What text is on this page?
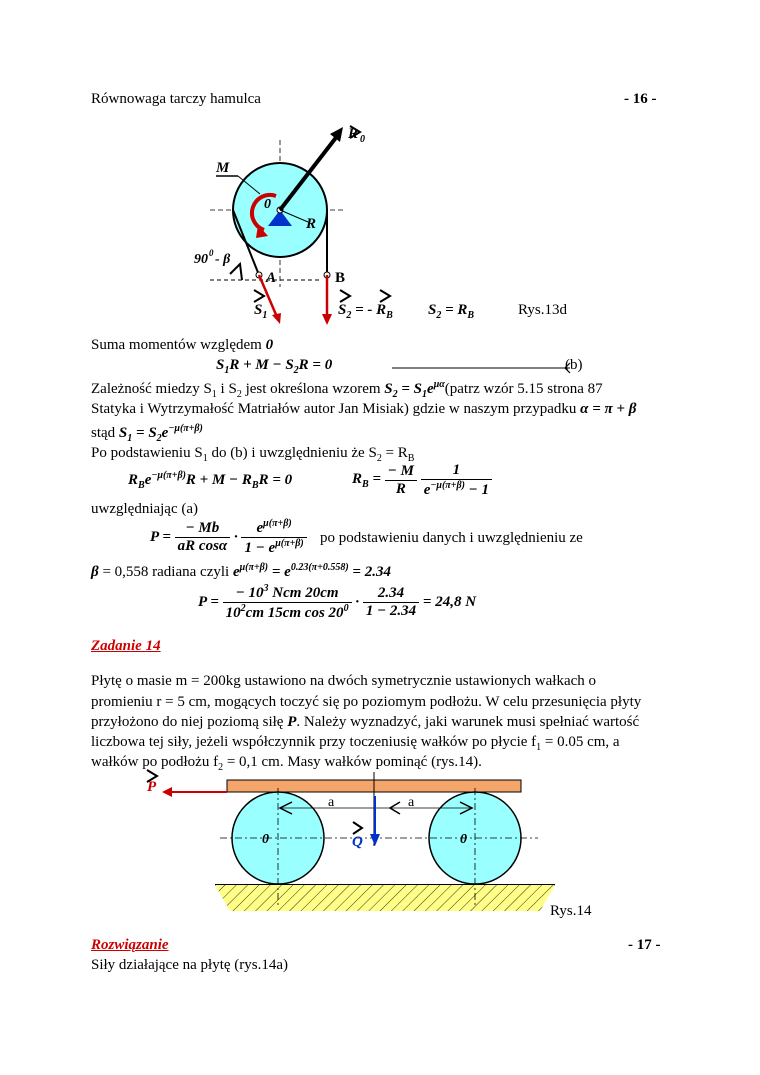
Równowaga tarczy hamulca	- 16 -
R 0
M
0
R
90 0 - β
A	B
$S_1$	$S_2$ = - $R_B$ $S_2 = R_B$	Rys.13d
Suma momentów względem 0
$S_1R + M - S_2R = 0$	(b)
Zależność miedzy $S_1$ i $S_2$ jest określona wzorem $S_2$ = $S_1e^{\mu\alpha}(patrz$ wzór 5.15 strona 87
Statyka i Wytrzymałość Matriałów autor Jan Misiak) gdzie w naszym przypadku α = π + β
stąd $S_1 = S_2e^{-\mu(\pi+\beta)}$
Po podstawieniu $S_1$ do (b) i uwzględnieniu że $S_2 = R_B$
$R_Be^{-\mu(\pi+\beta)}R + M - R_BR = 0$	$R_B = \frac{- M}{R}$
$\frac{1}{e^{-\mu(\pi+\beta)} - 1}$
uwzględniając (a)
$P = \frac{- Mb}{\text{aR cosα}} \cdot \frac{e^{\mu(\pi+\beta)}}{1 - e^{\mu(\pi+\beta)}}$ po podstawieniu danych i uwzględnieniu ze
β = 0,558 radiana czyli $e^{\mu(\pi+\beta)} = e^{0.23(\pi+0.558)} = 2.34$
$P = \frac{- 10^3 Ncm 20cm}{10^2cm 15cm \cos 20^0} \cdot \frac{2.34}{1 - 2.34} = 24,8$ N
Zadanie 14
Płytę o masie m = 200kg ustawiono na dwóch symetrycznie ustawionych wałkach o
promieniu r = 5 cm, mogących toczyć się po poziomym podłożu. W celu przesunięcia płyty
przyłożono do niej poziomą siłę P. Należy wyznadzyć, jaki warunek musi spełniać wartość
liczbowa tej siły, jeżeli współczynnik przy toczeniusię wałków po płycie $f_1 = 0.05$ cm, a
wałków po podłożu $f_2 = 0,1$ cm. Masy wałków pominąć (rys.14).
P
a	a
Q
0	0
Rys.14
Rozwiązanie	- 17 -
Siły działające na płytę (rys.14a)
